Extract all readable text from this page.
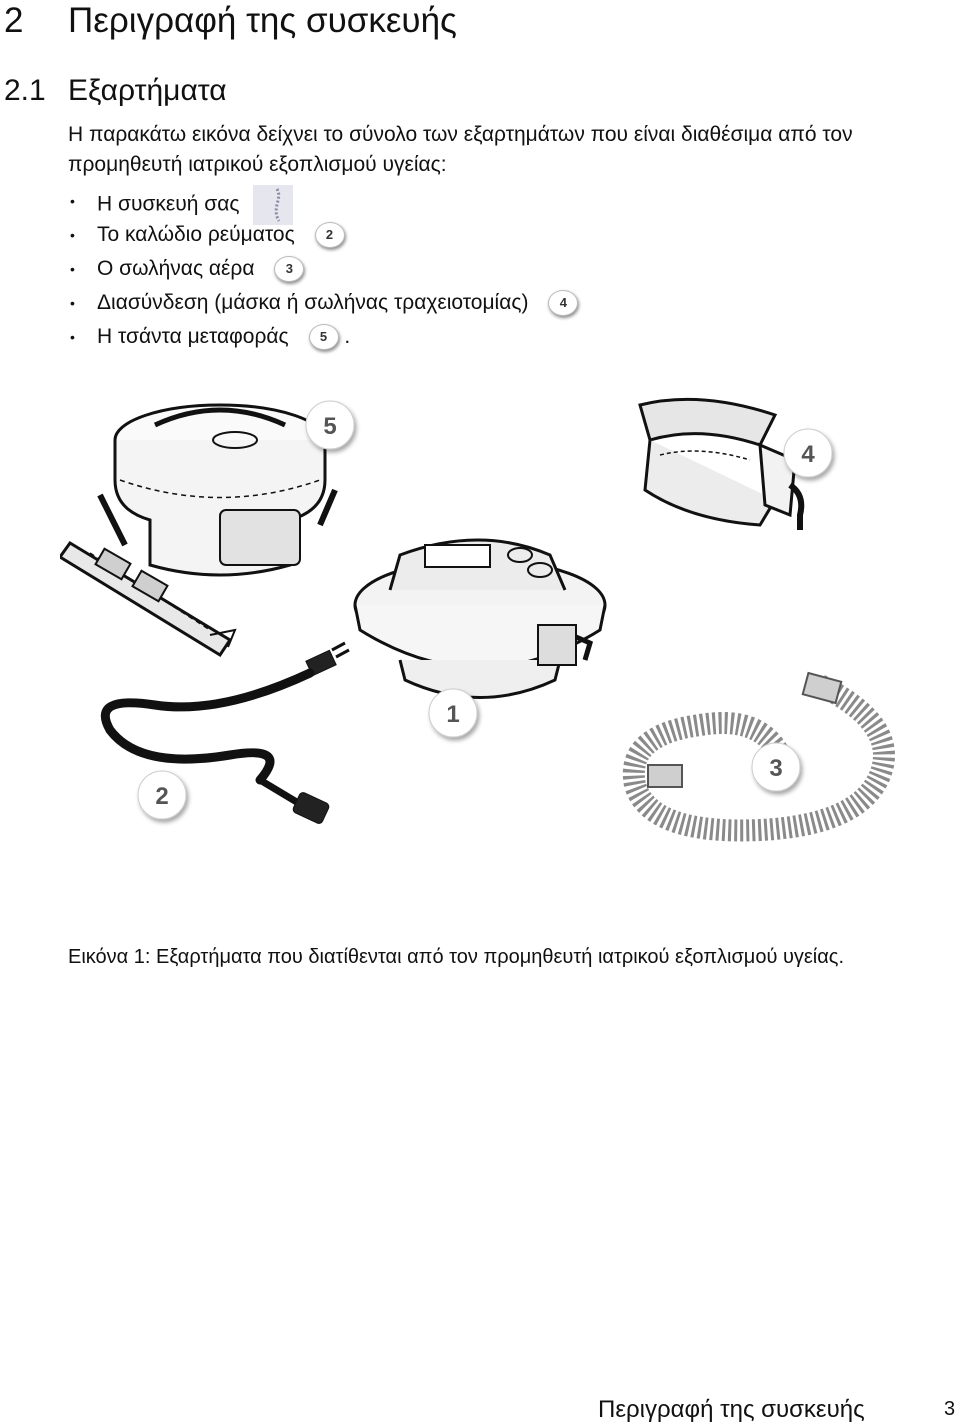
2 Περιγραφή της συσκευής
2.1 Εξαρτήματα
Η παρακάτω εικόνα δείχνει το σύνολο των εξαρτημάτων που είναι διαθέσιμα από τον προμηθευτή ιατρικού εξοπλισμού υγείας:
• Η συσκευή σας
• Το καλώδιο ρεύματος 2
• Ο σωλήνας αέρα 3
• Διασύνδεση (μάσκα ή σωλήνας τραχειοτομίας) 4
• Η τσάντα μεταφοράς 5 .
5
4
1
3
2
Εικόνα 1: Εξαρτήματα που διατίθενται από τον προμηθευτή ιατρικού εξοπλισμού υγείας.
Περιγραφή της συσκευής	3
